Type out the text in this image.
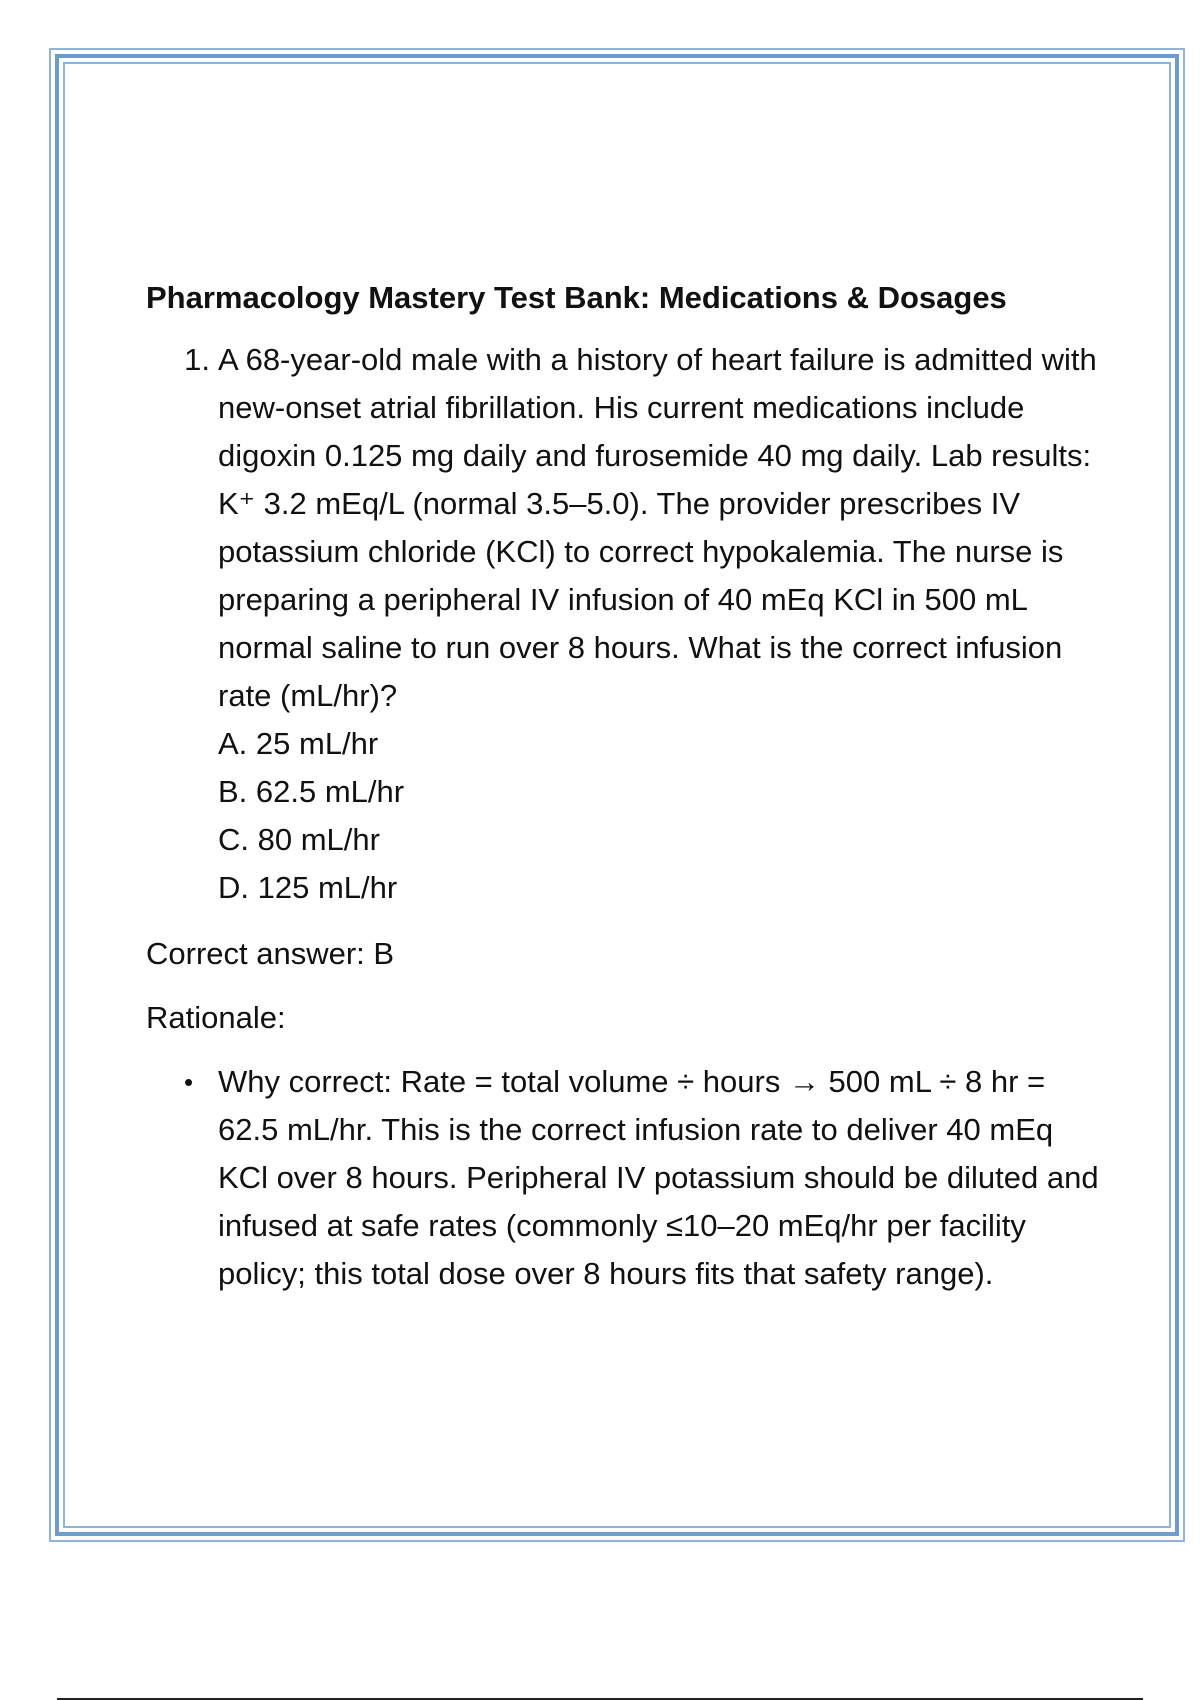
Pharmacology Mastery Test Bank: Medications & Dosages
1. A 68-year-old male with a history of heart failure is admitted with new-onset atrial fibrillation. His current medications include digoxin 0.125 mg daily and furosemide 40 mg daily. Lab results: K⁺ 3.2 mEq/L (normal 3.5–5.0). The provider prescribes IV potassium chloride (KCl) to correct hypokalemia. The nurse is preparing a peripheral IV infusion of 40 mEq KCl in 500 mL normal saline to run over 8 hours. What is the correct infusion rate (mL/hr)?

A. 25 mL/hr
B. 62.5 mL/hr
C. 80 mL/hr
D. 125 mL/hr

Correct answer: B

Rationale:

• Why correct: Rate = total volume ÷ hours → 500 mL ÷ 8 hr = 62.5 mL/hr. This is the correct infusion rate to deliver 40 mEq KCl over 8 hours. Peripheral IV potassium should be diluted and infused at safe rates (commonly ≤10–20 mEq/hr per facility policy; this total dose over 8 hours fits that safety range).
